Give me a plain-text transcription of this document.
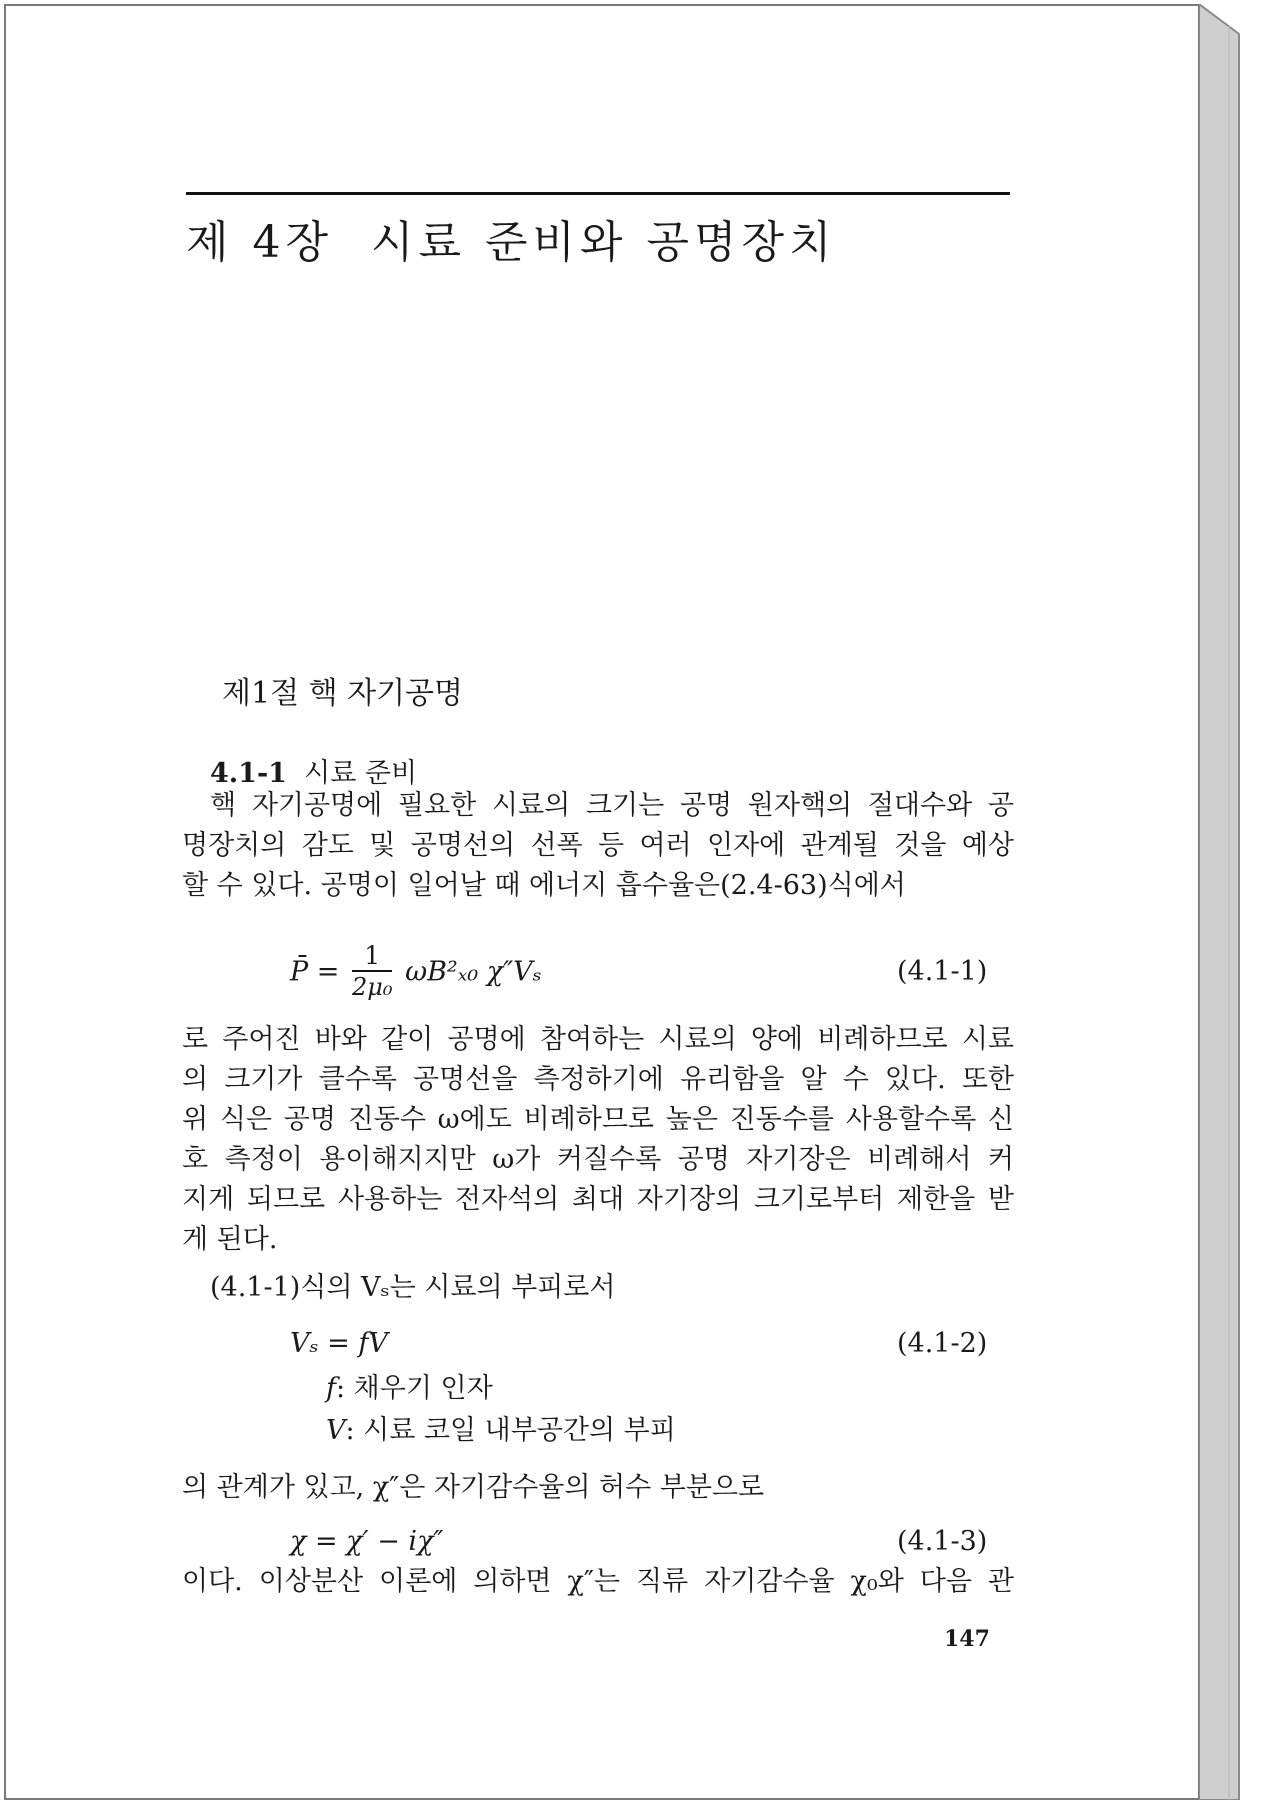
제 4장  시료 준비와 공명장치
제1절 핵 자기공명
4.1-1 시료 준비
핵 자기공명에 필요한 시료의 크기는 공명 원자핵의 절대수와 공
명장치의 감도 및 공명선의 선폭 등 여러 인자에 관계될 것을 예상
할 수 있다. 공명이 일어날 때 에너지 흡수율은(2.4-63)식에서
P̄ = $\frac{1}{\text{2μ₀}} \omega B^2_{x0}$ χ″Vₛ	(4.1-1)
로 주어진 바와 같이 공명에 참여하는 시료의 양에 비례하므로 시료
의 크기가 클수록 공명선을 측정하기에 유리함을 알 수 있다. 또한
위 식은 공명 진동수 ω에도 비례하므로 높은 진동수를 사용할수록 신
호 측정이 용이해지지만 ω가 커질수록 공명 자기장은 비례해서 커
지게 되므로 사용하는 전자석의 최대 자기장의 크기로부터 제한을 받
게 된다.
(4.1-1)식의 Vₛ는 시료의 부피로서
Vₛ = fV	(4.1-2)
f: 채우기 인자
V: 시료 코일 내부공간의 부피
의 관계가 있고, χ″은 자기감수율의 허수 부분으로
χ = χ′ − iχ″	(4.1-3)
이다. 이상분산 이론에 의하면 χ″는 직류 자기감수율 χ₀와 다음 관
147
